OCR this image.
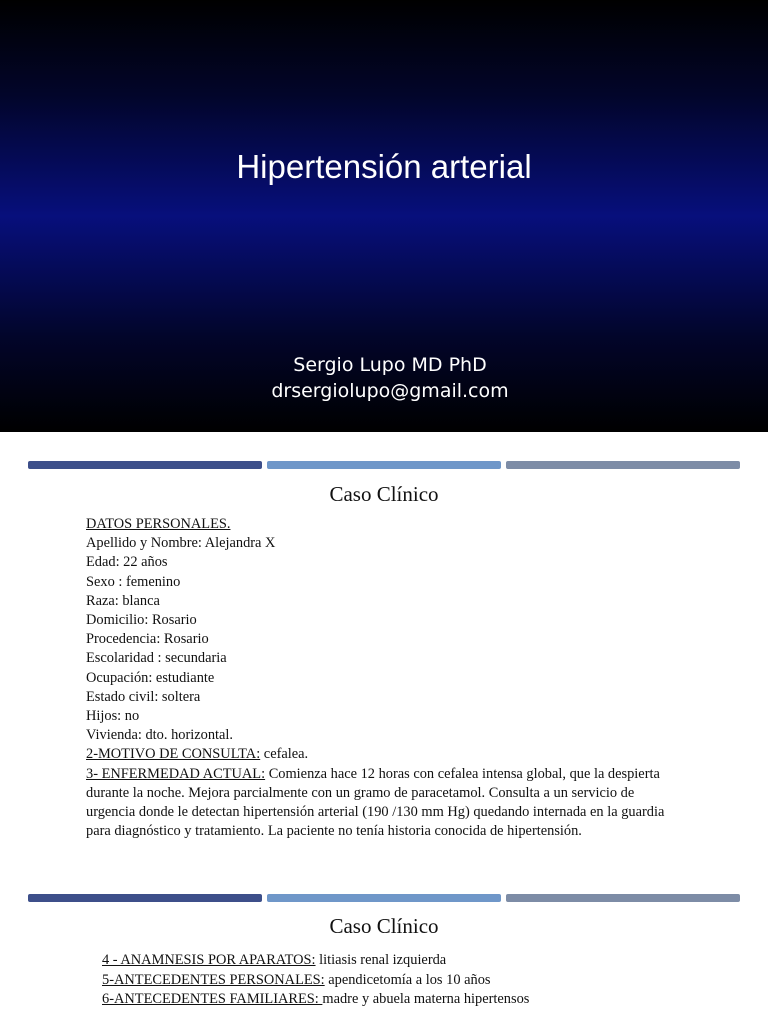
Hipertensión arterial
Sergio Lupo MD PhD
drsergiolupo@gmail.com
Caso Clínico
DATOS PERSONALES.
Apellido y Nombre: Alejandra X
Edad: 22 años
Sexo : femenino
Raza: blanca
Domicilio: Rosario
Procedencia: Rosario
Escolaridad : secundaria
Ocupación: estudiante
Estado civil: soltera
Hijos: no
Vivienda: dto. horizontal.
2-MOTIVO DE CONSULTA: cefalea.
3- ENFERMEDAD ACTUAL: Comienza hace 12 horas con cefalea intensa global, que la despierta durante la noche. Mejora parcialmente con un gramo de paracetamol. Consulta a un servicio de urgencia donde le detectan hipertensión arterial (190 /130 mm Hg) quedando internada en la guardia para diagnóstico y tratamiento. La paciente no tenía historia conocida de hipertensión.
Caso Clínico
4 - ANAMNESIS POR APARATOS: litiasis renal izquierda
5-ANTECEDENTES PERSONALES: apendicetomía a los 10 años
6-ANTECEDENTES FAMILIARES: madre y abuela materna hipertensos
